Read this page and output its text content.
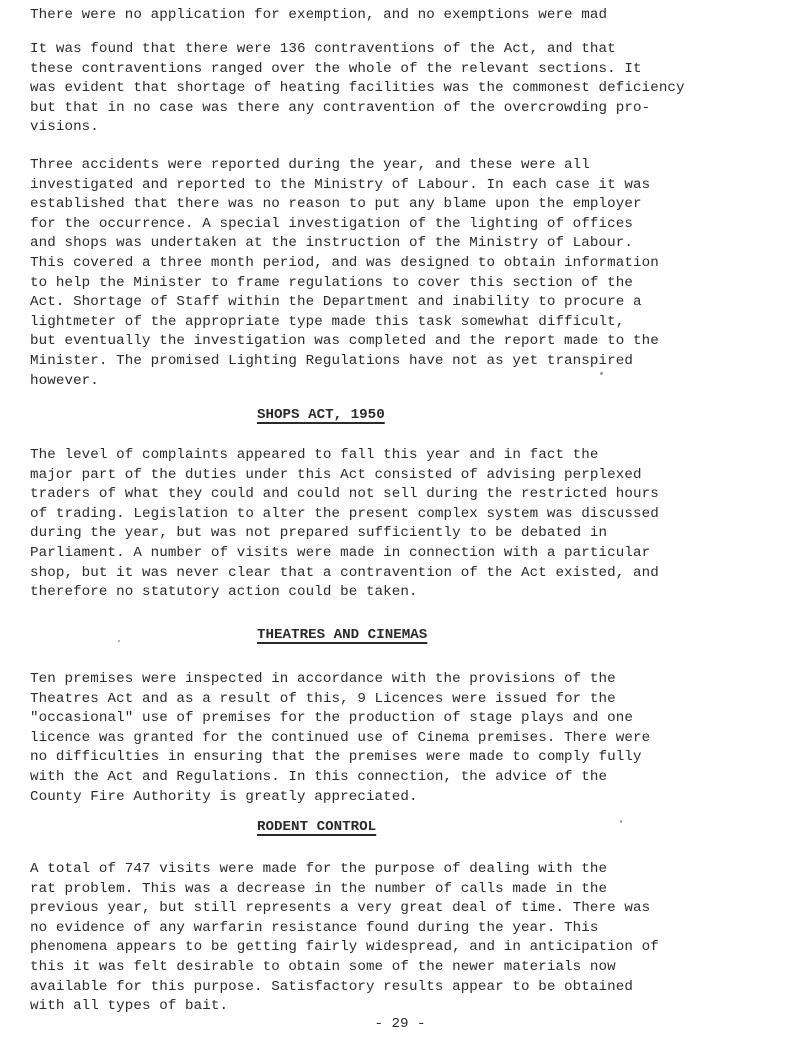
There were no application for exemption, and no exemptions were mad

It was found that there were 136 contraventions of the Act, and that
these contraventions ranged over the whole of the relevant sections. It
was evident that shortage of heating facilities was the commonest deficiency
but that in no case was there any contravention of the overcrowding pro-
visions.

Three accidents were reported during the year, and these were all
investigated and reported to the Ministry of Labour. In each case it was
established that there was no reason to put any blame upon the employer
for the occurrence. A special investigation of the lighting of offices
and shops was undertaken at the instruction of the Ministry of Labour.
This covered a three month period, and was designed to obtain information
to help the Minister to frame regulations to cover this section of the
Act. Shortage of Staff within the Department and inability to procure a
lightmeter of the appropriate type made this task somewhat difficult,
but eventually the investigation was completed and the report made to the
Minister. The promised Lighting Regulations have not as yet transpired
however.

SHOPS ACT, 1950

The level of complaints appeared to fall this year and in fact the
major part of the duties under this Act consisted of advising perplexed
traders of what they could and could not sell during the restricted hours
of trading. Legislation to alter the present complex system was discussed
during the year, but was not prepared sufficiently to be debated in
Parliament. A number of visits were made in connection with a particular
shop, but it was never clear that a contravention of the Act existed, and
therefore no statutory action could be taken.

THEATRES AND CINEMAS

Ten premises were inspected in accordance with the provisions of the
Theatres Act and as a result of this, 9 Licences were issued for the
"occasional" use of premises for the production of stage plays and one
licence was granted for the continued use of Cinema premises. There were
no difficulties in ensuring that the premises were made to comply fully
with the Act and Regulations. In this connection, the advice of the
County Fire Authority is greatly appreciated.

RODENT CONTROL

A total of 747 visits were made for the purpose of dealing with the
rat problem. This was a decrease in the number of calls made in the
previous year, but still represents a very great deal of time. There was
no evidence of any warfarin resistance found during the year. This
phenomena appears to be getting fairly widespread, and in anticipation of
this it was felt desirable to obtain some of the newer materials now
available for this purpose. Satisfactory results appear to be obtained
with all types of bait.

- 29 -
